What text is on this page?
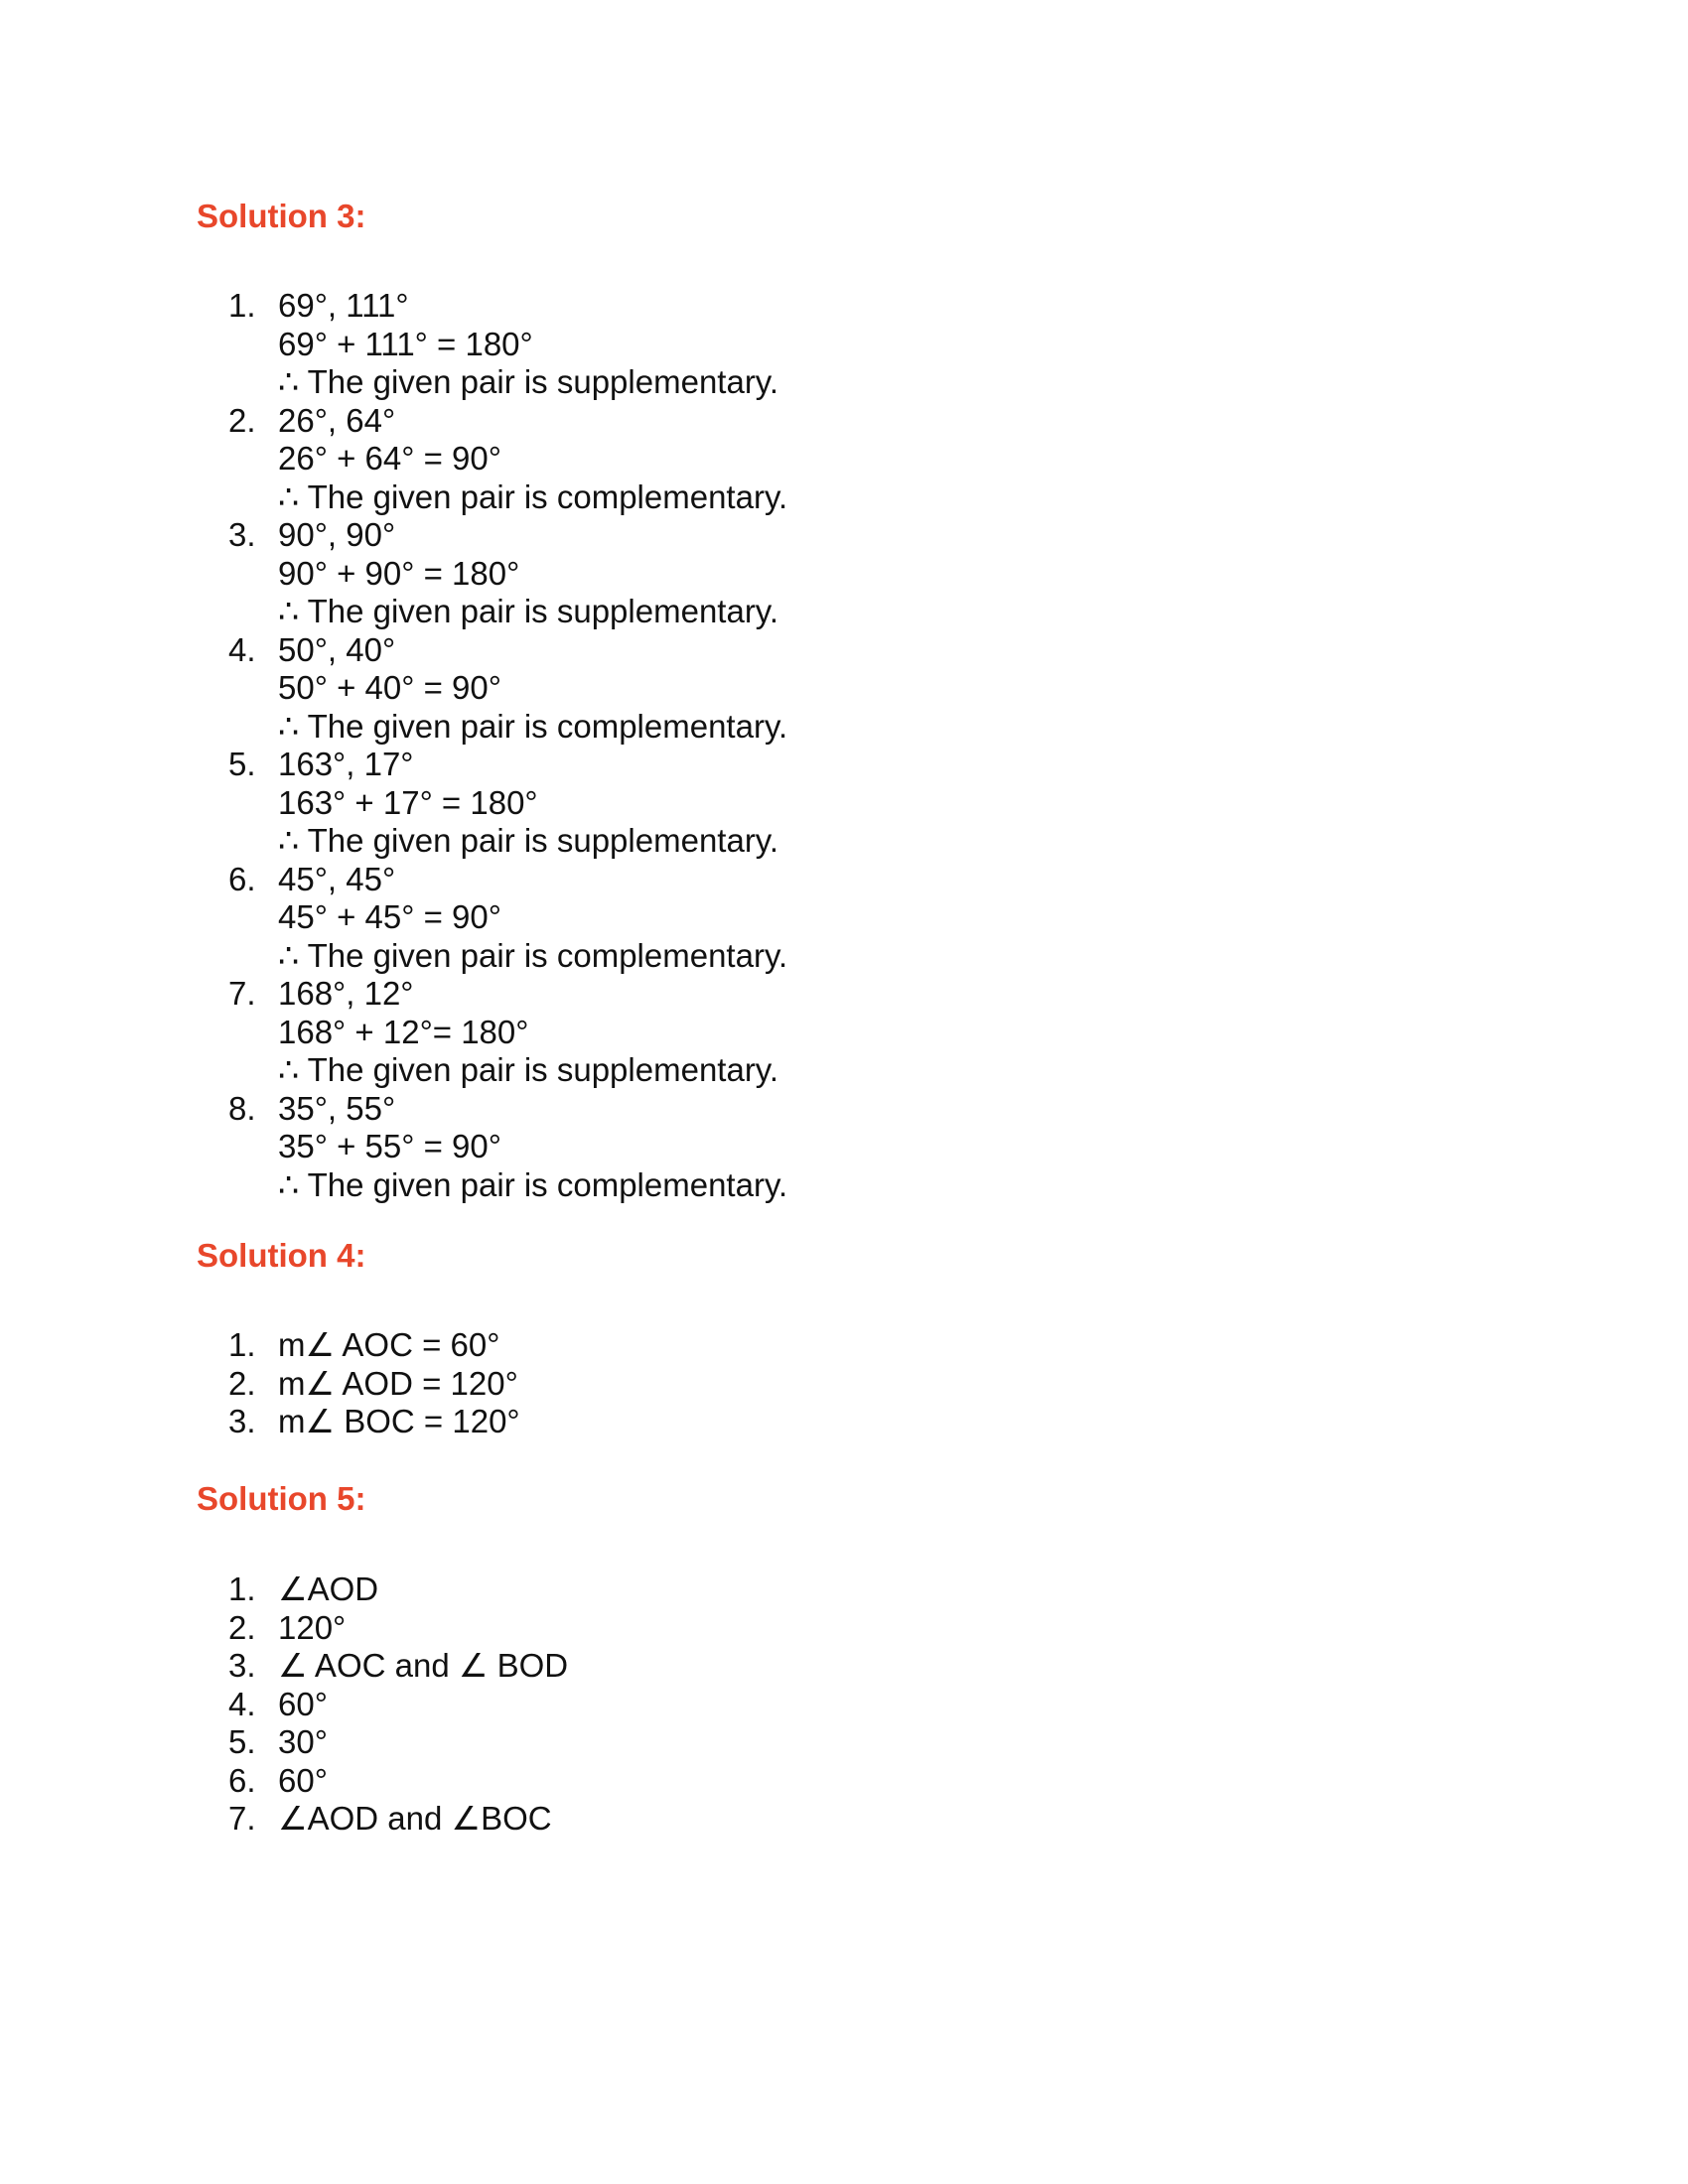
Solution 3:
1. 69°, 111°
69° + 111° = 180°
∴ The given pair is supplementary.
2. 26°, 64°
26° + 64° = 90°
∴ The given pair is complementary.
3. 90°, 90°
90° + 90° = 180°
∴ The given pair is supplementary.
4. 50°, 40°
50° + 40° = 90°
∴ The given pair is complementary.
5. 163°, 17°
163° + 17° = 180°
∴ The given pair is supplementary.
6. 45°, 45°
45° + 45° = 90°
∴ The given pair is complementary.
7. 168°, 12°
168° + 12°= 180°
∴ The given pair is supplementary.
8. 35°, 55°
35° + 55° = 90°
∴ The given pair is complementary.
Solution 4:
1. m∠ AOC = 60°
2. m∠ AOD = 120°
3. m∠ BOC = 120°
Solution 5:
1. ∠AOD
2. 120°
3. ∠ AOC and ∠ BOD
4. 60°
5. 30°
6. 60°
7. ∠AOD and ∠BOC
